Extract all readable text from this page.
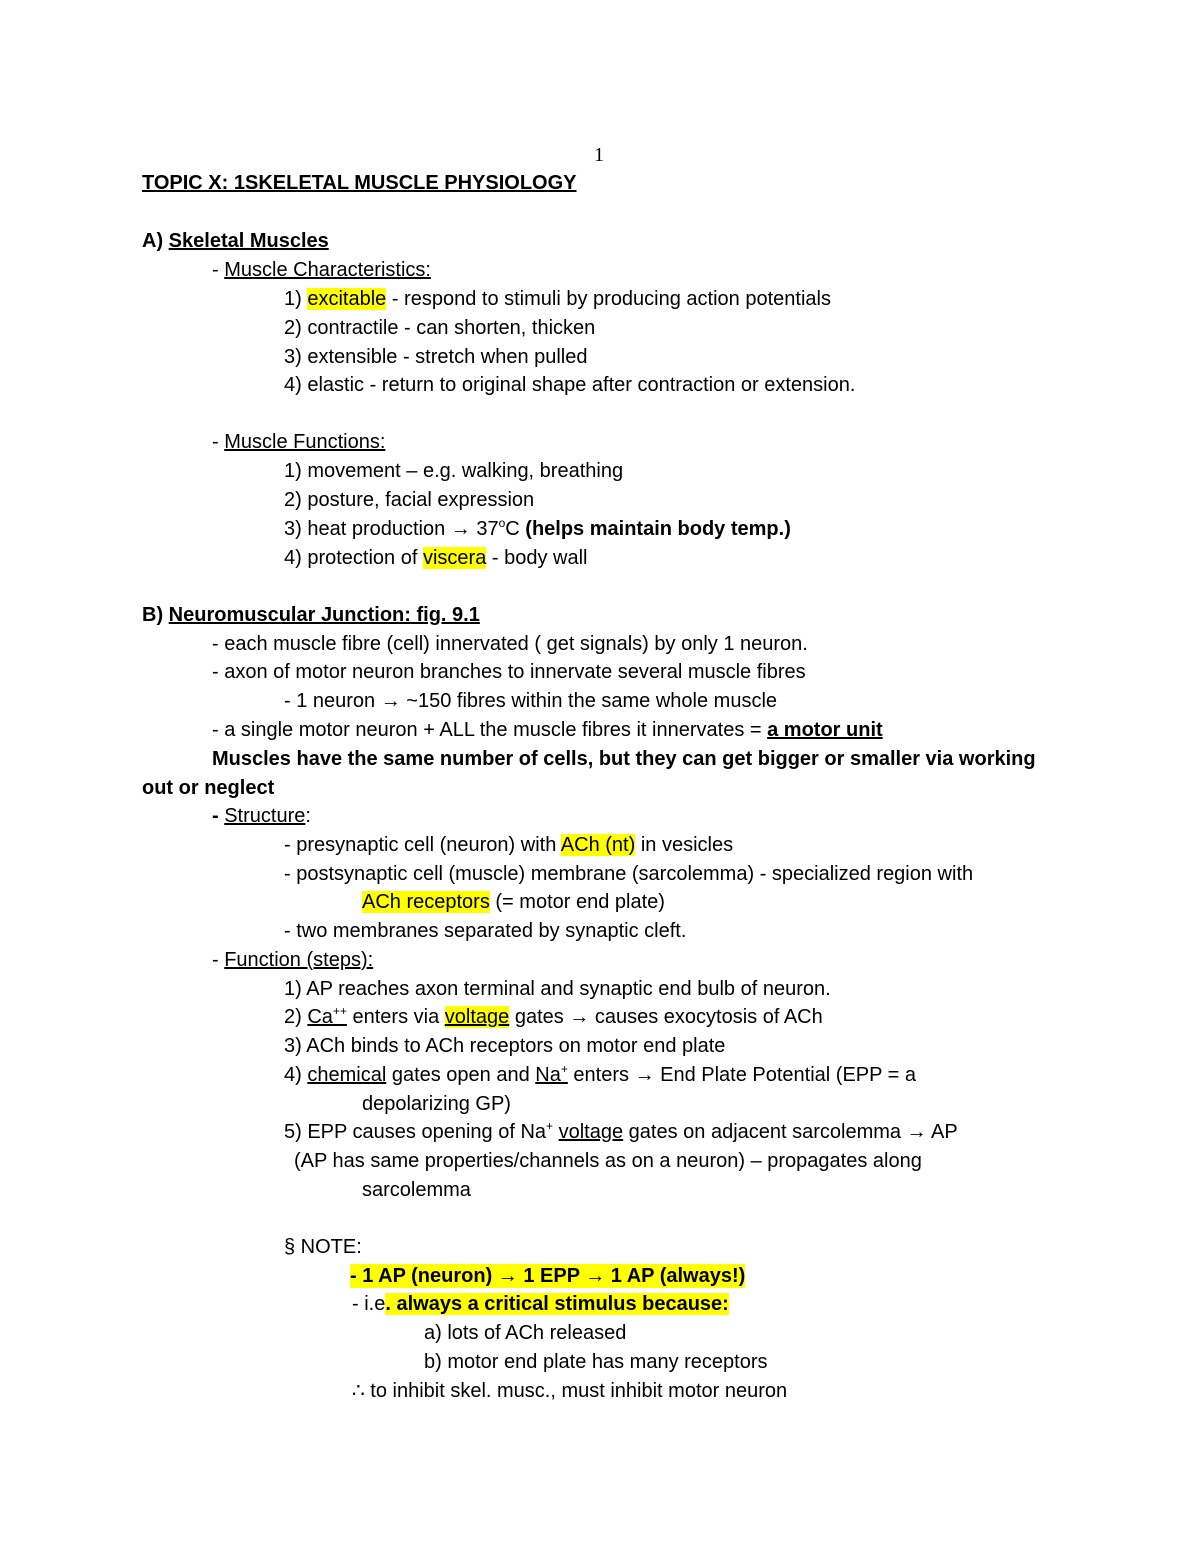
1
TOPIC X: 1SKELETAL MUSCLE PHYSIOLOGY
A) Skeletal Muscles
- Muscle Characteristics:
1) excitable - respond to stimuli by producing action potentials
2) contractile - can shorten, thicken
3) extensible - stretch when pulled
4) elastic - return to original shape after contraction or extension.
- Muscle Functions:
1) movement – e.g. walking, breathing
2) posture, facial expression
3) heat production → $37^oC$ (helps maintain body temp.)
4) protection of viscera - body wall
B) Neuromuscular Junction: fig. 9.1
- each muscle fibre (cell) innervated ( get signals) by only 1 neuron.
- axon of motor neuron branches to innervate several muscle fibres
- 1 neuron → ~150 fibres within the same whole muscle
- a single motor neuron + ALL the muscle fibres it innervates = a motor unit
Muscles have the same number of cells, but they can get bigger or smaller via working
out or neglect
- Structure:
- presynaptic cell (neuron) with ACh (nt) in vesicles
- postsynaptic cell (muscle) membrane (sarcolemma) - specialized region with
ACh receptors (= motor end plate)
- two membranes separated by synaptic cleft.
- Function (steps):
1) AP reaches axon terminal and synaptic end bulb of neuron.
2) Ca++ enters via voltage gates → causes exocytosis of ACh
3) ACh binds to ACh receptors on motor end plate
4) chemical gates open and Na+ enters → End Plate Potential (EPP = a
depolarizing GP)
5) EPP causes opening of Na+ voltage gates on adjacent sarcolemma → AP
(AP has same properties/channels as on a neuron) – propagates along
sarcolemma
§ NOTE:
- 1 AP (neuron) → 1 EPP → 1 AP (always!)
- i.e. always a critical stimulus because:
a) lots of ACh released
b) motor end plate has many receptors
∴ to inhibit skel. musc., must inhibit motor neuron
